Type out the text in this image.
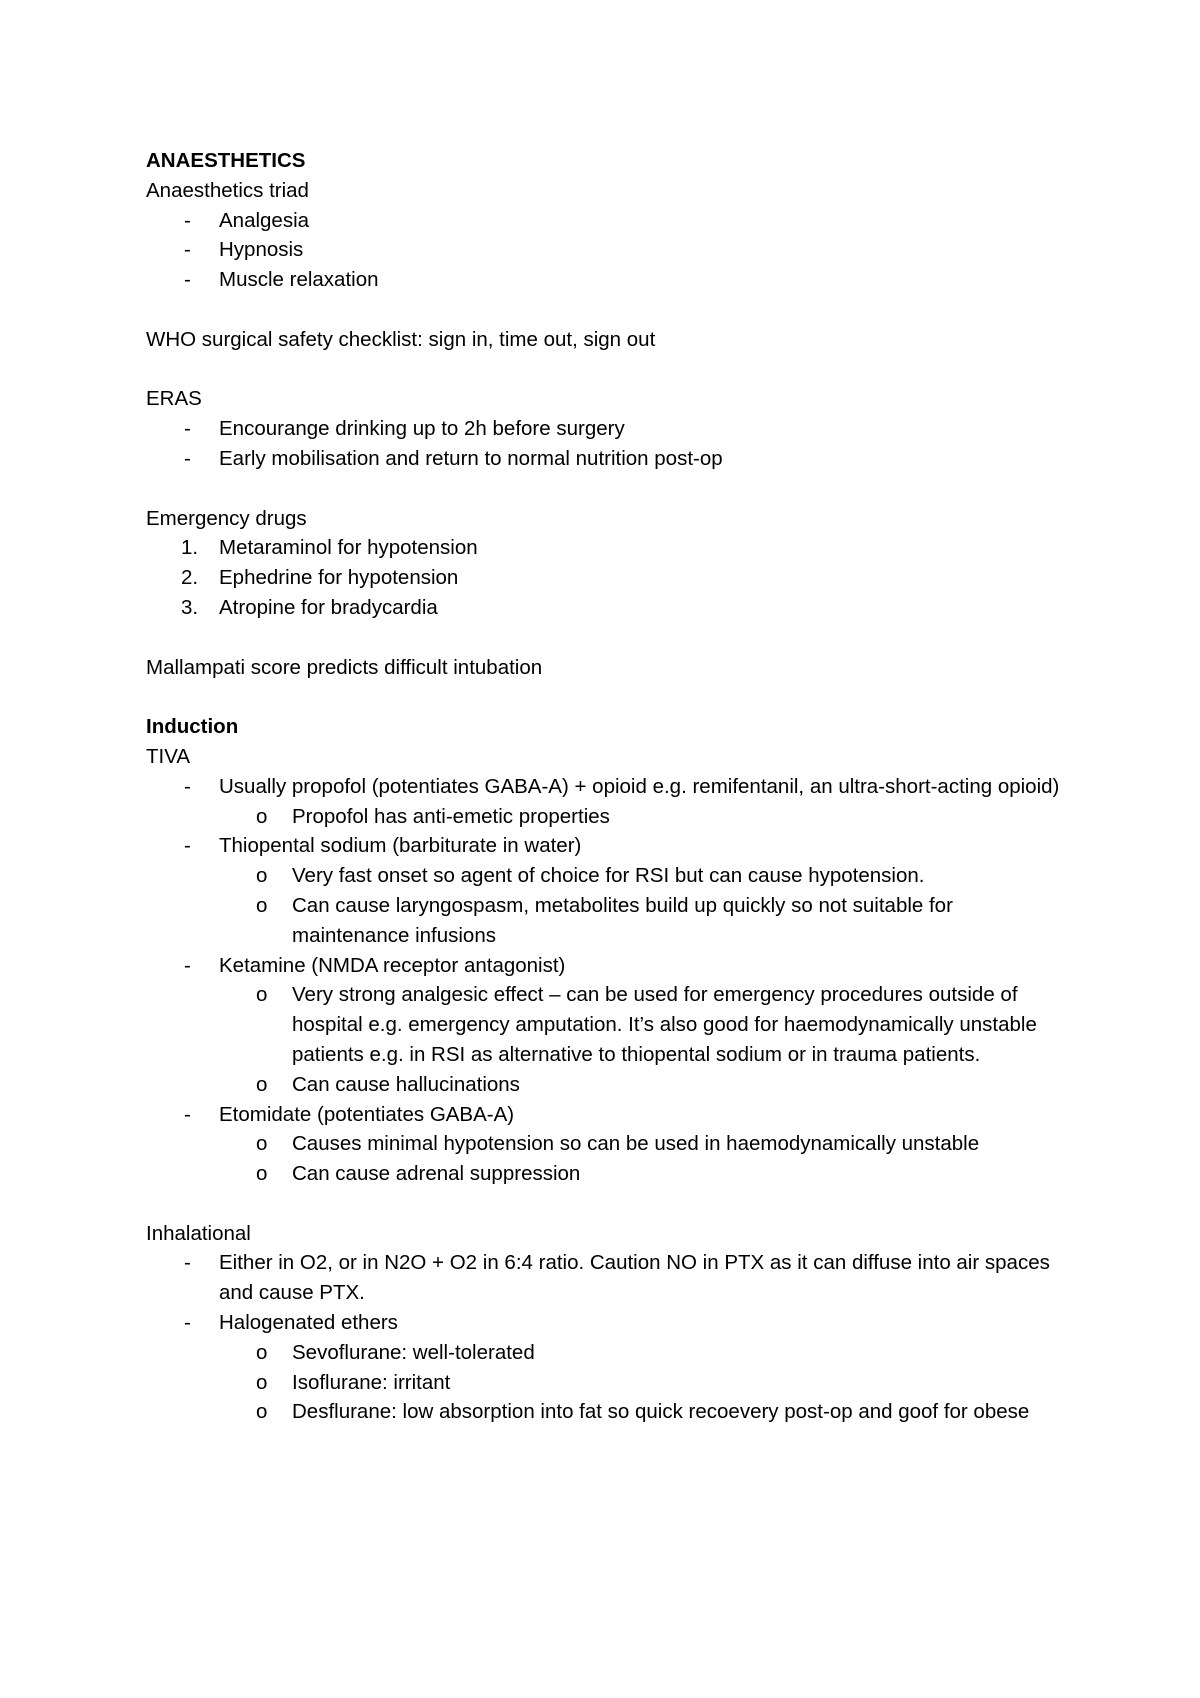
ANAESTHETICS

Anaesthetics triad

- Analgesia

- Hypnosis

- Muscle relaxation

WHO surgical safety checklist: sign in, time out, sign out

ERAS

- Encourange drinking up to 2h before surgery

- Early mobilisation and return to normal nutrition post-op

Emergency drugs

1. Metaraminol for hypotension

2. Ephedrine for hypotension

3. Atropine for bradycardia

Mallampati score predicts difficult intubation

Induction

TIVA

- Usually propofol (potentiates GABA-A) + opioid e.g. remifentanil, an ultra-short-acting opioid)

o Propofol has anti-emetic properties

- Thiopental sodium (barbiturate in water)

o Very fast onset so agent of choice for RSI but can cause hypotension.

o Can cause laryngospasm, metabolites build up quickly so not suitable for maintenance infusions

- Ketamine (NMDA receptor antagonist)

o Very strong analgesic effect – can be used for emergency procedures outside of hospital e.g. emergency amputation. It’s also good for haemodynamically unstable patients e.g. in RSI as alternative to thiopental sodium or in trauma patients.

o Can cause hallucinations

- Etomidate (potentiates GABA-A)

o Causes minimal hypotension so can be used in haemodynamically unstable

o Can cause adrenal suppression

Inhalational

- Either in O2, or in N2O + O2 in 6:4 ratio. Caution NO in PTX as it can diffuse into air spaces and cause PTX.

- Halogenated ethers

o Sevoflurane: well-tolerated

o Isoflurane: irritant

o Desflurane: low absorption into fat so quick recoevery post-op and goof for obese
